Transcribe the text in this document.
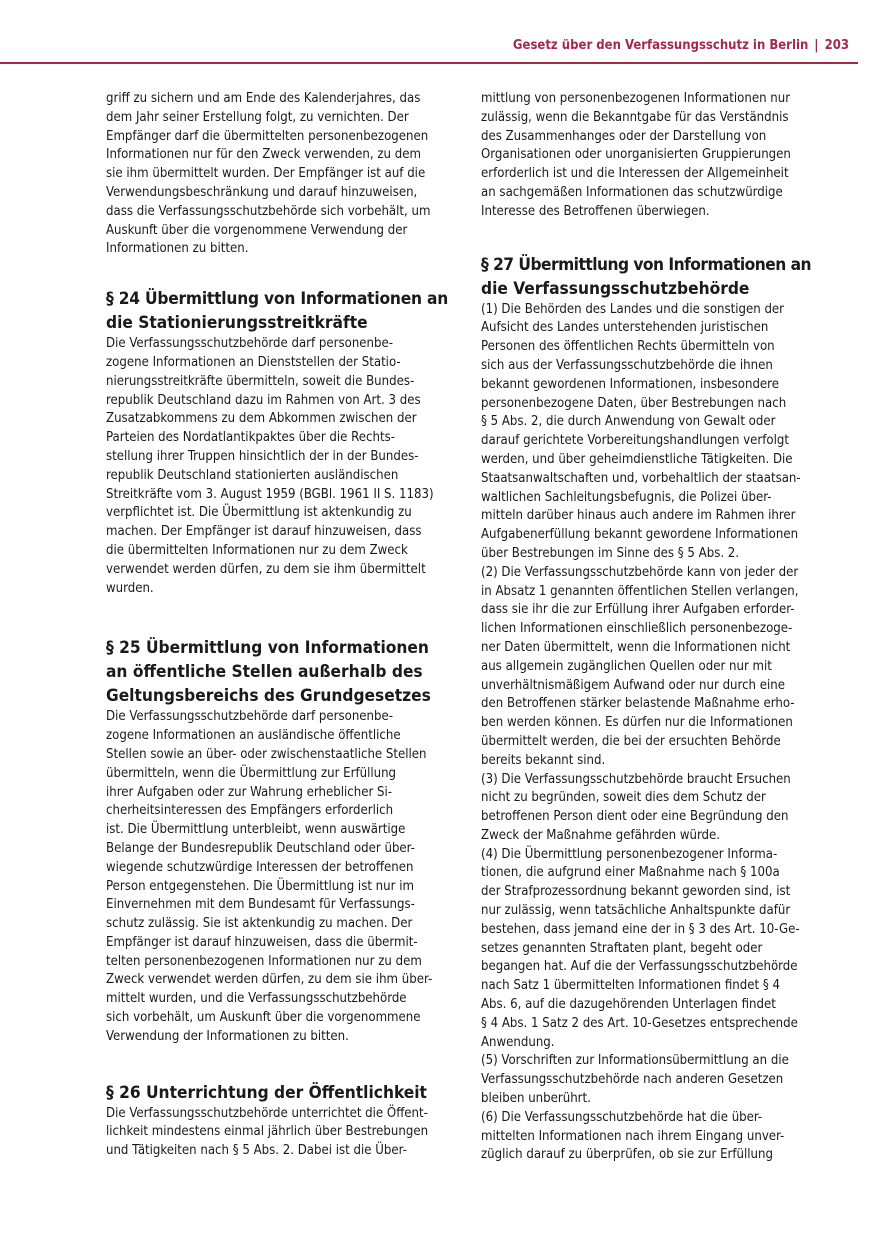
Gesetz über den Verfassungsschutz in Berlin | 203
griff zu sichern und am Ende des Kalenderjahres, das
dem Jahr seiner Erstellung folgt, zu vernichten. Der
Empfänger darf die übermittelten personenbezogenen
Informationen nur für den Zweck verwenden, zu dem
sie ihm übermittelt wurden. Der Empfänger ist auf die
Verwendungsbeschränkung und darauf hinzuweisen,
dass die Verfassungsschutzbehörde sich vorbehält, um
Auskunft über die vorgenommene Verwendung der
Informationen zu bitten.
§ 24 Übermittlung von Informationen an
die Stationierungsstreitkräfte
Die Verfassungsschutzbehörde darf personenbe-
zogene Informationen an Dienststellen der Statio-
nierungsstreitkräfte übermitteln, soweit die Bundes-
republik Deutschland dazu im Rahmen von Art. 3 des
Zusatzabkommens zu dem Abkommen zwischen der
Parteien des Nordatlantikpaktes über die Rechts-
stellung ihrer Truppen hinsichtlich der in der Bundes-
republik Deutschland stationierten ausländischen
Streitkräfte vom 3. August 1959 (BGBl. 1961 II S. 1183)
verpflichtet ist. Die Übermittlung ist aktenkundig zu
machen. Der Empfänger ist darauf hinzuweisen, dass
die übermittelten Informationen nur zu dem Zweck
verwendet werden dürfen, zu dem sie ihm übermittelt
wurden.
§ 25 Übermittlung von Informationen
an öffentliche Stellen außerhalb des
Geltungsbereichs des Grundgesetzes
Die Verfassungsschutzbehörde darf personenbe-
zogene Informationen an ausländische öffentliche
Stellen sowie an über- oder zwischenstaatliche Stellen
übermitteln, wenn die Übermittlung zur Erfüllung
ihrer Aufgaben oder zur Wahrung erheblicher Si-
cherheitsinteressen des Empfängers erforderlich
ist. Die Übermittlung unterbleibt, wenn auswärtige
Belange der Bundesrepublik Deutschland oder über-
wiegende schutzwürdige Interessen der betroffenen
Person entgegenstehen. Die Übermittlung ist nur im
Einvernehmen mit dem Bundesamt für Verfassungs-
schutz zulässig. Sie ist aktenkundig zu machen. Der
Empfänger ist darauf hinzuweisen, dass die übermit-
telten personenbezogenen Informationen nur zu dem
Zweck verwendet werden dürfen, zu dem sie ihm über-
mittelt wurden, und die Verfassungsschutzbehörde
sich vorbehält, um Auskunft über die vorgenommene
Verwendung der Informationen zu bitten.
§ 26 Unterrichtung der Öffentlichkeit
Die Verfassungsschutzbehörde unterrichtet die Öffent-
lichkeit mindestens einmal jährlich über Bestrebungen
und Tätigkeiten nach § 5 Abs. 2. Dabei ist die Über-
mittlung von personenbezogenen Informationen nur
zulässig, wenn die Bekanntgabe für das Verständnis
des Zusammenhanges oder der Darstellung von
Organisationen oder unorganisierten Gruppierungen
erforderlich ist und die Interessen der Allgemeinheit
an sachgemäßen Informationen das schutzwürdige
Interesse des Betroffenen überwiegen.
§ 27 Übermittlung von Informationen an
die Verfassungsschutzbehörde
(1) Die Behörden des Landes und die sonstigen der
Aufsicht des Landes unterstehenden juristischen
Personen des öffentlichen Rechts übermitteln von
sich aus der Verfassungsschutzbehörde die ihnen
bekannt gewordenen Informationen, insbesondere
personenbezogene Daten, über Bestrebungen nach
§ 5 Abs. 2, die durch Anwendung von Gewalt oder
darauf gerichtete Vorbereitungshandlungen verfolgt
werden, und über geheimdienstliche Tätigkeiten. Die
Staatsanwaltschaften und, vorbehaltlich der staatsan-
waltlichen Sachleitungsbefugnis, die Polizei über-
mitteln darüber hinaus auch andere im Rahmen ihrer
Aufgabenerfüllung bekannt gewordene Informationen
über Bestrebungen im Sinne des § 5 Abs. 2.
(2) Die Verfassungsschutzbehörde kann von jeder der
in Absatz 1 genannten öffentlichen Stellen verlangen,
dass sie ihr die zur Erfüllung ihrer Aufgaben erforder-
lichen Informationen einschließlich personenbezoge-
ner Daten übermittelt, wenn die Informationen nicht
aus allgemein zugänglichen Quellen oder nur mit
unverhältnismäßigem Aufwand oder nur durch eine
den Betroffenen stärker belastende Maßnahme erho-
ben werden können. Es dürfen nur die Informationen
übermittelt werden, die bei der ersuchten Behörde
bereits bekannt sind.
(3) Die Verfassungsschutzbehörde braucht Ersuchen
nicht zu begründen, soweit dies dem Schutz der
betroffenen Person dient oder eine Begründung den
Zweck der Maßnahme gefährden würde.
(4) Die Übermittlung personenbezogener Informa-
tionen, die aufgrund einer Maßnahme nach § 100a
der Strafprozessordnung bekannt geworden sind, ist
nur zulässig, wenn tatsächliche Anhaltspunkte dafür
bestehen, dass jemand eine der in § 3 des Art. 10-Ge-
setzes genannten Straftaten plant, begeht oder
begangen hat. Auf die der Verfassungsschutzbehörde
nach Satz 1 übermittelten Informationen findet § 4
Abs. 6, auf die dazugehörenden Unterlagen findet
§ 4 Abs. 1 Satz 2 des Art. 10-Gesetzes entsprechende
Anwendung.
(5) Vorschriften zur Informationsübermittlung an die
Verfassungsschutzbehörde nach anderen Gesetzen
bleiben unberührt.
(6) Die Verfassungsschutzbehörde hat die über-
mittelten Informationen nach ihrem Eingang unver-
züglich darauf zu überprüfen, ob sie zur Erfüllung
